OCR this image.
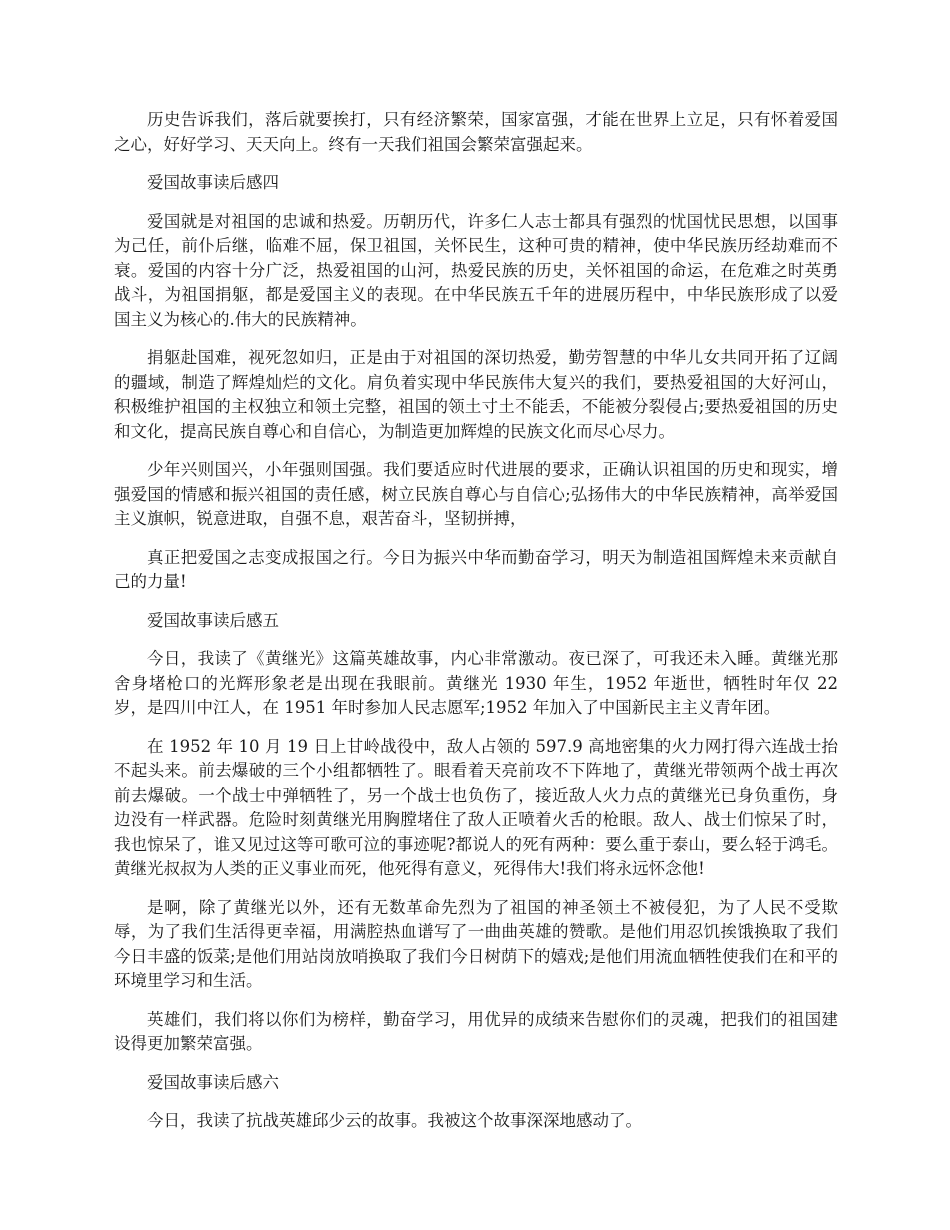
历史告诉我们，落后就要挨打，只有经济繁荣，国家富强，才能在世界上立足，只有怀着爱国之心，好好学习、天天向上。终有一天我们祖国会繁荣富强起来。

爱国故事读后感四

爱国就是对祖国的忠诚和热爱。历朝历代，许多仁人志士都具有强烈的忧国忧民思想，以国事为己任，前仆后继，临难不屈，保卫祖国，关怀民生，这种可贵的精神，使中华民族历经劫难而不衰。爱国的内容十分广泛，热爱祖国的山河，热爱民族的历史，关怀祖国的命运，在危难之时英勇战斗，为祖国捐躯，都是爱国主义的表现。在中华民族五千年的进展历程中，中华民族形成了以爱国主义为核心的.伟大的民族精神。

捐躯赴国难，视死忽如归，正是由于对祖国的深切热爱，勤劳智慧的中华儿女共同开拓了辽阔的疆域，制造了辉煌灿烂的文化。肩负着实现中华民族伟大复兴的我们，要热爱祖国的大好河山，积极维护祖国的主权独立和领土完整，祖国的领土寸土不能丢，不能被分裂侵占;要热爱祖国的历史和文化，提高民族自尊心和自信心，为制造更加辉煌的民族文化而尽心尽力。

少年兴则国兴，小年强则国强。我们要适应时代进展的要求，正确认识祖国的历史和现实，增强爱国的情感和振兴祖国的责任感，树立民族自尊心与自信心;弘扬伟大的中华民族精神，高举爱国主义旗帜，锐意进取，自强不息，艰苦奋斗，坚韧拼搏，

真正把爱国之志变成报国之行。今日为振兴中华而勤奋学习，明天为制造祖国辉煌未来贡献自己的力量!

爱国故事读后感五

今日，我读了《黄继光》这篇英雄故事，内心非常激动。夜已深了，可我还未入睡。黄继光那舍身堵枪口的光辉形象老是出现在我眼前。黄继光 1930 年生，1952 年逝世，牺牲时年仅 22 岁，是四川中江人，在 1951 年时参加人民志愿军;1952 年加入了中国新民主主义青年团。

在 1952 年 10 月 19 日上甘岭战役中，敌人占领的 597.9 高地密集的火力网打得六连战士抬不起头来。前去爆破的三个小组都牺牲了。眼看着天亮前攻不下阵地了，黄继光带领两个战士再次前去爆破。一个战士中弹牺牲了，另一个战士也负伤了，接近敌人火力点的黄继光已身负重伤，身边没有一样武器。危险时刻黄继光用胸膛堵住了敌人正喷着火舌的枪眼。敌人、战士们惊呆了时，我也惊呆了，谁又见过这等可歌可泣的事迹呢?都说人的死有两种：要么重于泰山，要么轻于鸿毛。黄继光叔叔为人类的正义事业而死，他死得有意义，死得伟大!我们将永远怀念他!

是啊，除了黄继光以外，还有无数革命先烈为了祖国的神圣领土不被侵犯，为了人民不受欺辱，为了我们生活得更幸福，用满腔热血谱写了一曲曲英雄的赞歌。是他们用忍饥挨饿换取了我们今日丰盛的饭菜;是他们用站岗放哨换取了我们今日树荫下的嬉戏;是他们用流血牺牲使我们在和平的环境里学习和生活。

英雄们，我们将以你们为榜样，勤奋学习，用优异的成绩来告慰你们的灵魂，把我们的祖国建设得更加繁荣富强。

爱国故事读后感六

今日，我读了抗战英雄邱少云的故事。我被这个故事深深地感动了。
